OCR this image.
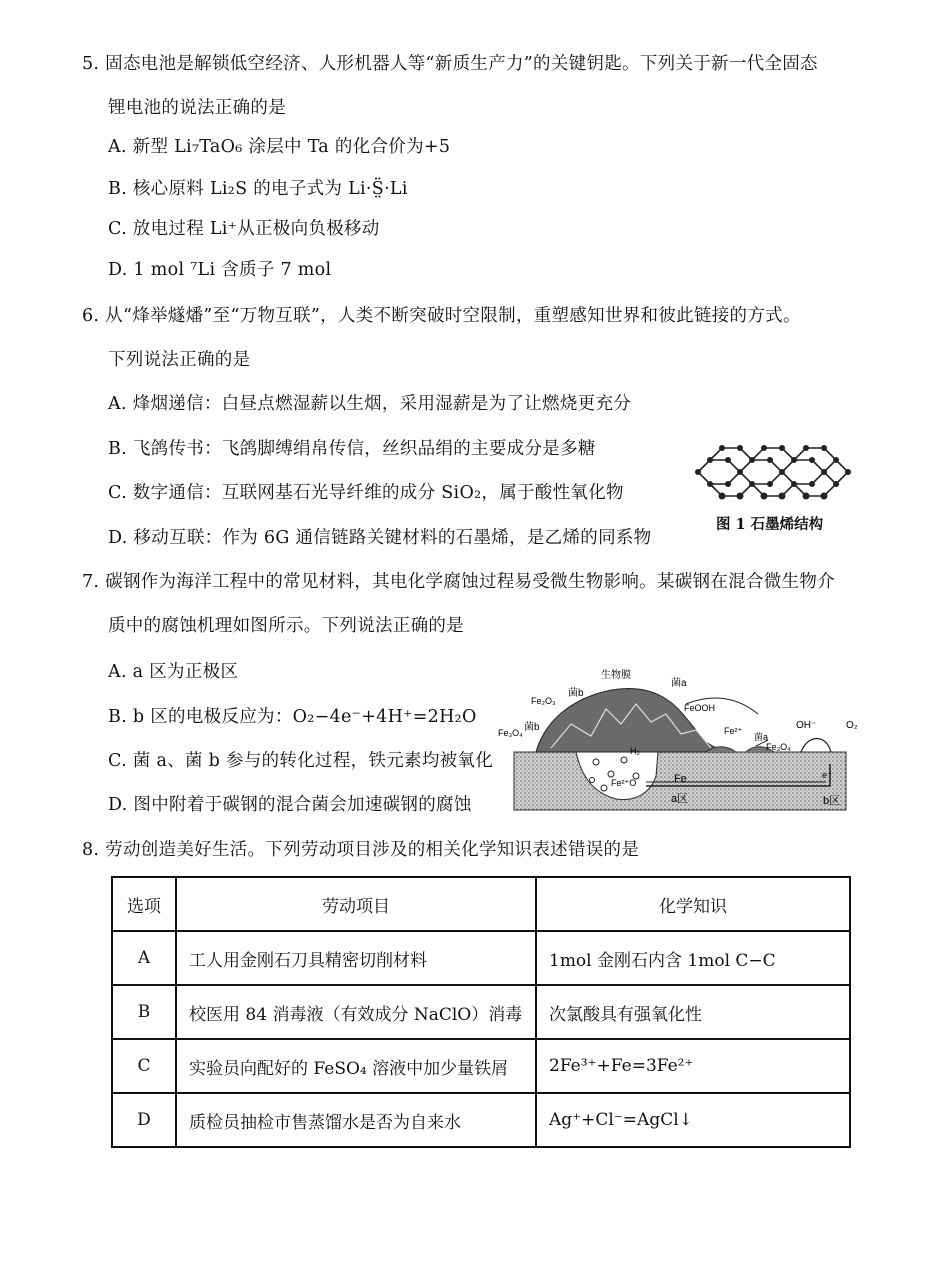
5. 固态电池是解锁低空经济、人形机器人等“新质生产力”的关键钥匙。下列关于新一代全固态
锂电池的说法正确的是
A. 新型 Li₇TaO₆ 涂层中 Ta 的化合价为+5
B. 核心原料 Li₂S 的电子式为 Li·S̤̈·Li
C. 放电过程 Li⁺从正极向负极移动
D. 1 mol ⁷Li 含质子 7 mol
6. 从“烽举燧燔”至“万物互联”，人类不断突破时空限制，重塑感知世界和彼此链接的方式。
下列说法正确的是
A. 烽烟递信：白昼点燃湿薪以生烟，采用湿薪是为了让燃烧更充分
B. 飞鸽传书：飞鸽脚缚绢帛传信，丝织品绢的主要成分是多糖
C. 数字通信：互联网基石光导纤维的成分 SiO₂，属于酸性氧化物
D. 移动互联：作为 6G 通信链路关键材料的石墨烯，是乙烯的同系物
图 1 石墨烯结构
7. 碳钢作为海洋工程中的常见材料，其电化学腐蚀过程易受微生物影响。某碳钢在混合微生物介
质中的腐蚀机理如图所示。下列说法正确的是
A. a 区为正极区
B. b 区的电极反应为：O₂−4e⁻+4H⁺=2H₂O
C. 菌 a、菌 b 参与的转化过程，铁元素均被氧化
D. 图中附着于碳钢的混合菌会加速碳钢的腐蚀
生物膜
菌a
菌b
Fe₂O₃
Fe₃O₄ 菌b
FeOOH
Fe²⁺
菌a
Fe₃O₄
OH⁻	O₂
H₂
Fe²⁺O	Fe	e⁻
a区	b区
8. 劳动创造美好生活。下列劳动项目涉及的相关化学知识表述错误的是
选项	劳动项目	化学知识
A	工人用金刚石刀具精密切削材料	1mol 金刚石内含 1mol C−C
B	校医用 84 消毒液（有效成分 NaClO）消毒	次氯酸具有强氧化性
C	实验员向配好的 FeSO₄ 溶液中加少量铁屑	2Fe³⁺+Fe=3Fe²⁺
D	质检员抽检市售蒸馏水是否为自来水	Ag⁺+Cl⁻=AgCl↓
